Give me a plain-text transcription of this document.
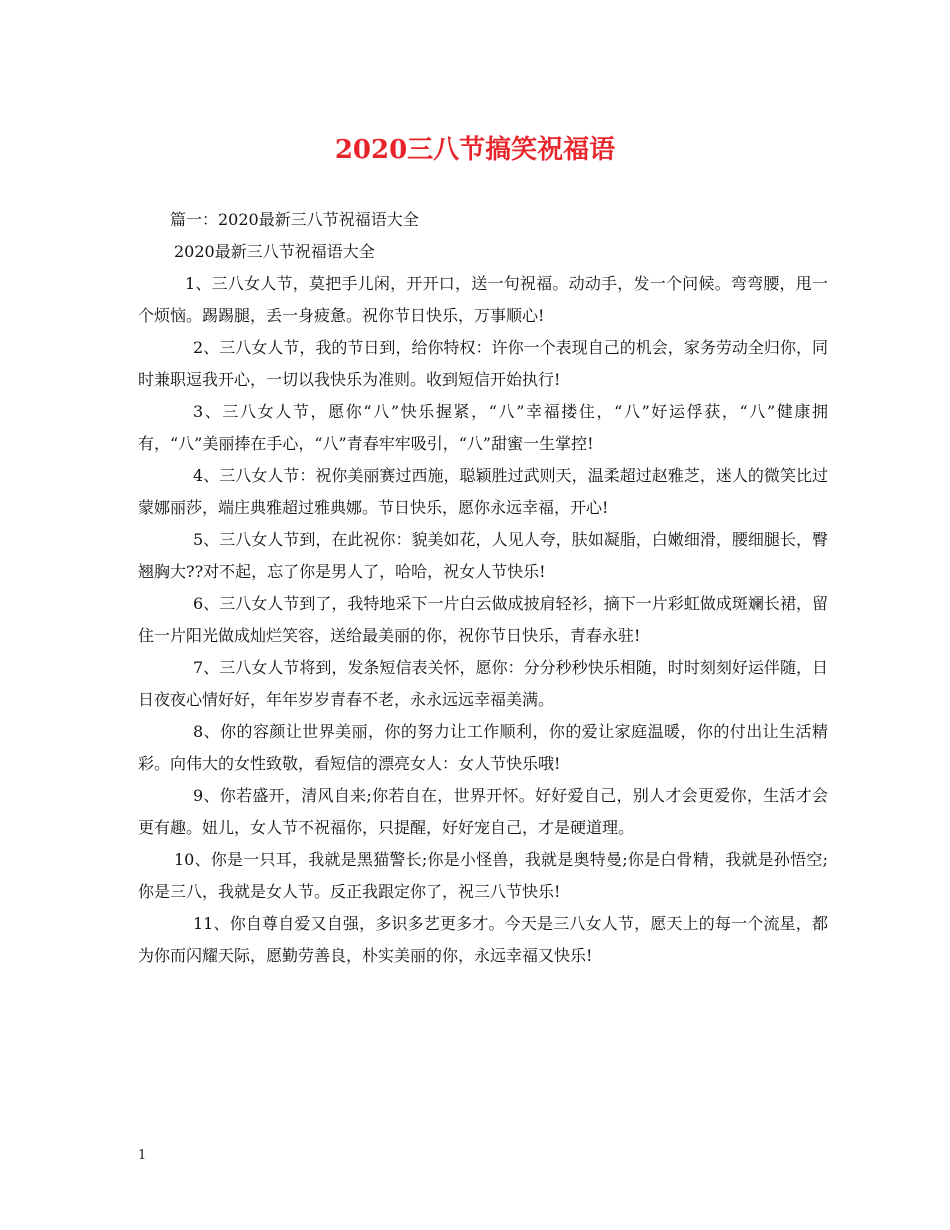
2020三八节搞笑祝福语

篇一：2020最新三八节祝福语大全

2020最新三八节祝福语大全

1、三八女人节，莫把手儿闲，开开口，送一句祝福。动动手，发一个问候。弯弯腰，甩一个烦恼。踢踢腿，丢一身疲惫。祝你节日快乐，万事顺心!

2、三八女人节，我的节日到，给你特权：许你一个表现自己的机会，家务劳动全归你，同时兼职逗我开心，一切以我快乐为准则。收到短信开始执行!

3、三八女人节，愿你“八”快乐握紧，“八”幸福搂住，“八”好运俘获，“八”健康拥有，“八”美丽捧在手心，“八”青春牢牢吸引，“八”甜蜜一生掌控!

4、三八女人节：祝你美丽赛过西施，聪颖胜过武则天，温柔超过赵雅芝，迷人的微笑比过蒙娜丽莎，端庄典雅超过雅典娜。节日快乐，愿你永远幸福，开心!

5、三八女人节到，在此祝你：貌美如花，人见人夸，肤如凝脂，白嫩细滑，腰细腿长，臀翘胸大??对不起，忘了你是男人了，哈哈，祝女人节快乐!

6、三八女人节到了，我特地采下一片白云做成披肩轻衫，摘下一片彩虹做成斑斓长裙，留住一片阳光做成灿烂笑容，送给最美丽的你，祝你节日快乐，青春永驻!

7、三八女人节将到，发条短信表关怀，愿你：分分秒秒快乐相随，时时刻刻好运伴随，日日夜夜心情好好，年年岁岁青春不老，永永远远幸福美满。

8、你的容颜让世界美丽，你的努力让工作顺利，你的爱让家庭温暖，你的付出让生活精彩。向伟大的女性致敬，看短信的漂亮女人：女人节快乐哦!

9、你若盛开，清风自来;你若自在，世界开怀。好好爱自己，别人才会更爱你，生活才会更有趣。妞儿，女人节不祝福你，只提醒，好好宠自己，才是硬道理。

10、你是一只耳，我就是黑猫警长;你是小怪兽，我就是奥特曼;你是白骨精，我就是孙悟空;你是三八，我就是女人节。反正我跟定你了，祝三八节快乐!

11、你自尊自爱又自强，多识多艺更多才。今天是三八女人节，愿天上的每一个流星，都为你而闪耀天际，愿勤劳善良，朴实美丽的你，永远幸福又快乐!

1
